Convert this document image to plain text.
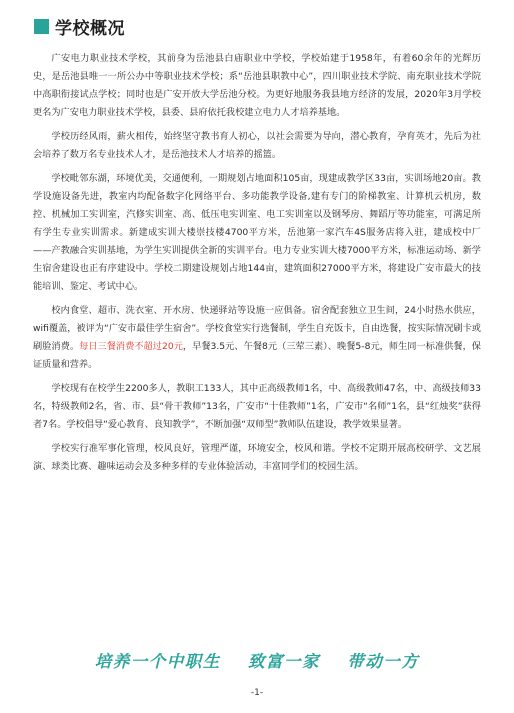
学校概况

广安电力职业技术学校，其前身为岳池县白庙职业中学校，学校始建于1958年，有着60余年的光辉历史，是岳池县唯一一所公办中等职业技术学校；系“岳池县职教中心”，四川职业技术学院、南充职业技术学院中高职衔接试点学校；同时也是广安开放大学岳池分校。为更好地服务我县地方经济的发展，2020年3月学校更名为广安电力职业技术学校，县委、县府依托我校建立电力人才培养基地。

学校历经风雨，薪火相传，始终坚守教书育人初心，以社会需要为导向，潜心教育，孕育英才，先后为社会培养了数万名专业技术人才，是岳池技术人才培养的摇篮。

学校毗邻东湖，环境优美，交通便利，一期规划占地面积105亩，现建成教学区33亩，实训场地20亩。教学设施设备先进，教室内均配备数字化网络平台、多功能教学设备,建有专门的阶梯教室、计算机云机房，数控、机械加工实训室，汽修实训室、高、低压电实训室、电工实训室以及钢琴房、舞蹈厅等功能室，可满足所有学生专业实训需求。新建成实训大楼崇技楼4700平方米，岳池第一家汽车4S服务店将入驻，建成校中厂——产教融合实训基地，为学生实训提供全新的实训平台。电力专业实训大楼7000平方米，标准运动场、新学生宿舍建设也正有序建设中。学校二期建设规划占地144亩，建筑面积27000平方米，将建设广安市最大的技能培训、鉴定、考试中心。

校内食堂、超市、洗衣室、开水房、快递驿站等设施一应俱备。宿舍配套独立卫生间，24小时热水供应，wifi覆盖，被评为“广安市最佳学生宿舍”。学校食堂实行选餐制，学生自充饭卡，自由选餐，按实际情况刷卡或刷脸消费。每日三餐消费不超过20元，早餐3.5元、午餐8元（三荤三素）、晚餐5-8元，师生同一标准供餐，保证质量和营养。

学校现有在校学生2200多人，教职工133人，其中正高级教师1名，中、高级教师47名，中、高级技师33名，特级教师2名，省、市、县“骨干教师”13名，广安市“十佳教师”1名，广安市“名师”1名，县“红烛奖”获得者7名。学校倡导“爱心教育、良知教学”，不断加强“双师型”教师队伍建设，教学效果显著。

学校实行准军事化管理，校风良好，管理严谨，环境安全，校风和谐。学校不定期开展高校研学、文艺展演、球类比赛、趣味运动会及多种多样的专业体验活动，丰富同学们的校园生活。

培养一个中职生 致富一家 带动一方
-1-
